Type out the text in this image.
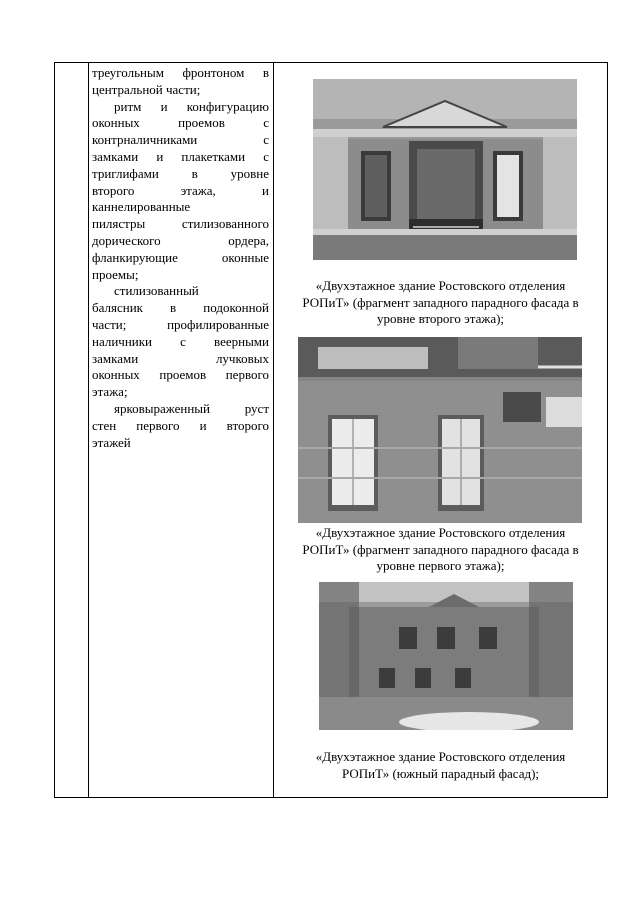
треугольным фронтоном в

центральной части;

ритм и конфигурацию

оконных проемов с

контрналичниками с

замками и плакетками с

триглифами в уровне

второго этажа, и

каннелированные

пилястры стилизованного

дорического ордера,

фланкирующие оконные

проемы;

стилизованный

балясник в подоконной

части; профилированные

наличники с веерными

замками лучковых

оконных проемов первого

этажа;

ярковыраженный руст

стен первого и второго

этажей

«Двухэтажное здание Ростовского отделения
РОПиТ» (фрагмент западного парадного фасада в
уровне второго этажа);
«Двухэтажное здание Ростовского отделения
РОПиТ» (фрагмент западного парадного фасада в
уровне первого этажа);
«Двухэтажное здание Ростовского отделения
РОПиТ» (южный парадный фасад);
